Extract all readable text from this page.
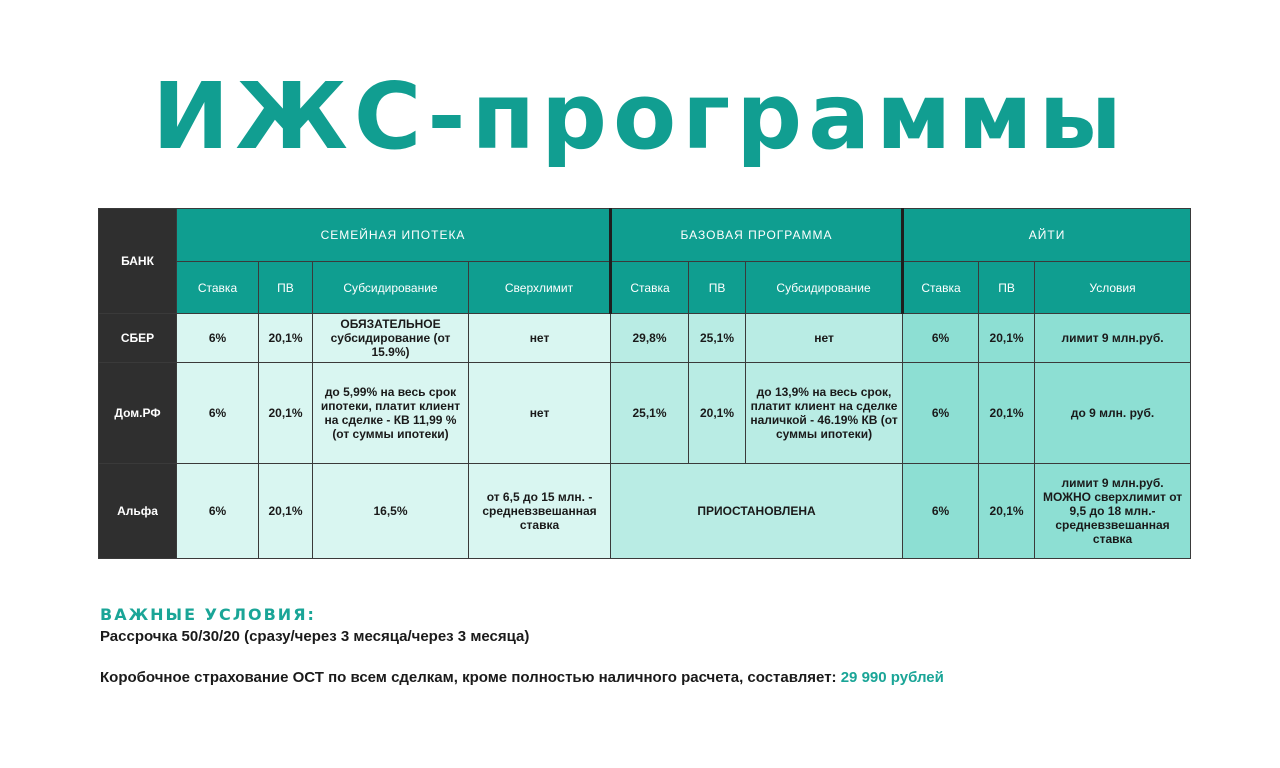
ИЖС-программы
БАНК	СЕМЕЙНАЯ ИПОТЕКА				БАЗОВАЯ ПРОГРАММА			АЙТИ		
	Ставка	ПВ	Субсидирование	Сверхлимит	Ставка	ПВ	Субсидирование	Ставка	ПВ	Условия
СБЕР	6%	20,1%	ОБЯЗАТЕЛЬНОЕ субсидирование (от 15.9%)	нет	29,8%	25,1%	нет	6%	20,1%	лимит 9 млн.руб.
Дом.РФ	6%	20,1%	до 5,99% на весь срок ипотеки, платит клиент на сделке - КВ 11,99 % (от суммы ипотеки)	нет	25,1%	20,1%	до 13,9% на весь срок, платит клиент на сделке наличкой - 46.19% КВ (от суммы ипотеки)	6%	20,1%	до 9 млн. руб.
Альфа	6%	20,1%	16,5%	от 6,5 до 15 млн. - средневзвешанная ставка	ПРИОСТАНОВЛЕНА			6%	20,1%	лимит 9 млн.руб. МОЖНО сверхлимит от 9,5 до 18 млн.- средневзвешанная ставка
ВАЖНЫЕ УСЛОВИЯ:
Рассрочка 50/30/20 (сразу/через 3 месяца/через 3 месяца)
Коробочное страхование ОСТ по всем сделкам, кроме полностью наличного расчета, составляет: 29 990 рублей
